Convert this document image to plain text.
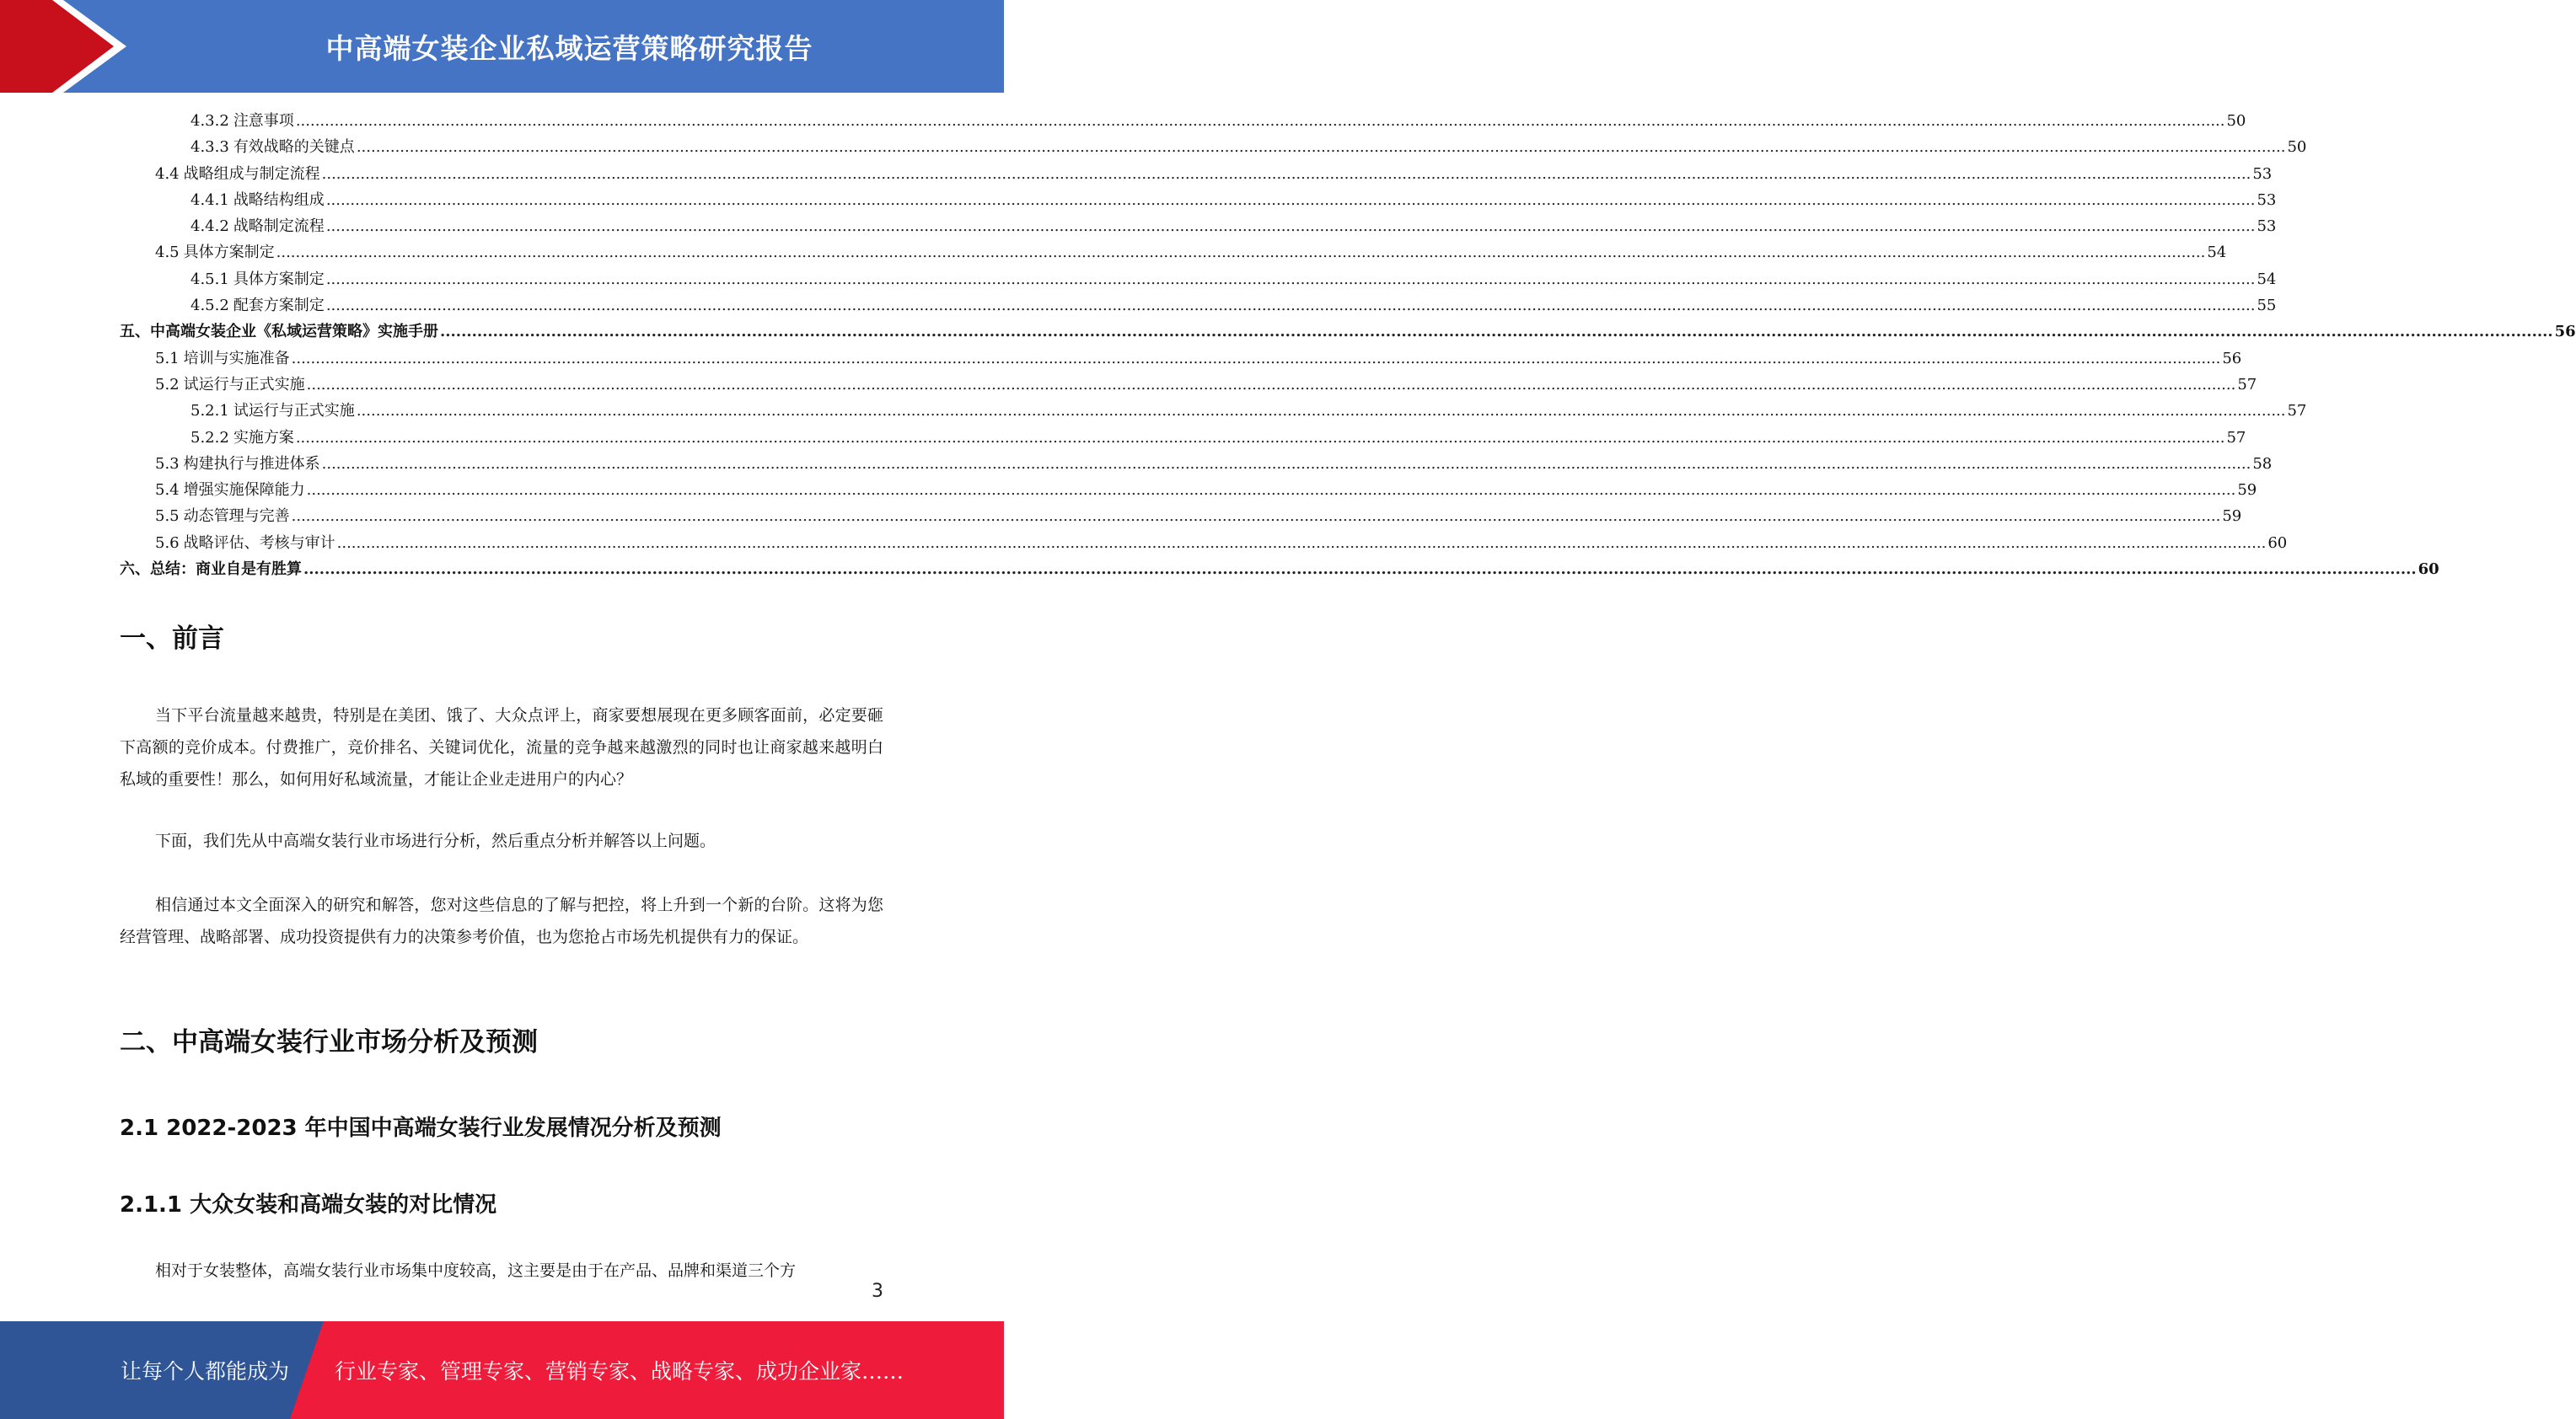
中高端女装企业私域运营策略研究报告
4.3.2 注意事项 ................................................................................................................................................................................................................................................................................................................................................................................................................ 50
4.3.3 有效战略的关键点 ................................................................................................................................................................................................................................................................................................................................................................................................................ 50
4.4 战略组成与制定流程 ................................................................................................................................................................................................................................................................................................................................................................................................................ 53
4.4.1 战略结构组成 ................................................................................................................................................................................................................................................................................................................................................................................................................ 53
4.4.2 战略制定流程 ................................................................................................................................................................................................................................................................................................................................................................................................................ 53
4.5 具体方案制定 ................................................................................................................................................................................................................................................................................................................................................................................................................ 54
4.5.1 具体方案制定 ................................................................................................................................................................................................................................................................................................................................................................................................................ 54
4.5.2 配套方案制定 ................................................................................................................................................................................................................................................................................................................................................................................................................ 55
五、中高端女装企业《私域运营策略》实施手册 ................................................................................................................................................................................................................................................................................................................................................................................................................ 56
5.1 培训与实施准备 ................................................................................................................................................................................................................................................................................................................................................................................................................ 56
5.2 试运行与正式实施 ................................................................................................................................................................................................................................................................................................................................................................................................................ 57
5.2.1 试运行与正式实施 ................................................................................................................................................................................................................................................................................................................................................................................................................ 57
5.2.2 实施方案 ................................................................................................................................................................................................................................................................................................................................................................................................................ 57
5.3 构建执行与推进体系 ................................................................................................................................................................................................................................................................................................................................................................................................................ 58
5.4 增强实施保障能力 ................................................................................................................................................................................................................................................................................................................................................................................................................ 59
5.5 动态管理与完善 ................................................................................................................................................................................................................................................................................................................................................................................................................ 59
5.6 战略评估、考核与审计 ................................................................................................................................................................................................................................................................................................................................................................................................................ 60
六、总结：商业自是有胜算 ................................................................................................................................................................................................................................................................................................................................................................................................................ 60
一、前言
当下平台流量越来越贵，特别是在美团、饿了、大众点评上，商家要想展现在更多顾客面前，必定要砸下高额的竞价成本。付费推广，竞价排名、关键词优化，流量的竞争越来越激烈的同时也让商家越来越明白私域的重要性！那么，如何用好私域流量，才能让企业走进用户的内心？
下面，我们先从中高端女装行业市场进行分析，然后重点分析并解答以上问题。
相信通过本文全面深入的研究和解答，您对这些信息的了解与把控，将上升到一个新的台阶。这将为您经营管理、战略部署、成功投资提供有力的决策参考价值，也为您抢占市场先机提供有力的保证。
二、中高端女装行业市场分析及预测
2.1 2022-2023 年中国中高端女装行业发展情况分析及预测
2.1.1 大众女装和高端女装的对比情况
相对于女装整体，高端女装行业市场集中度较高，这主要是由于在产品、品牌和渠道三个方
3
让每个人都能成为 行业专家、管理专家、营销专家、战略专家、成功企业家……
